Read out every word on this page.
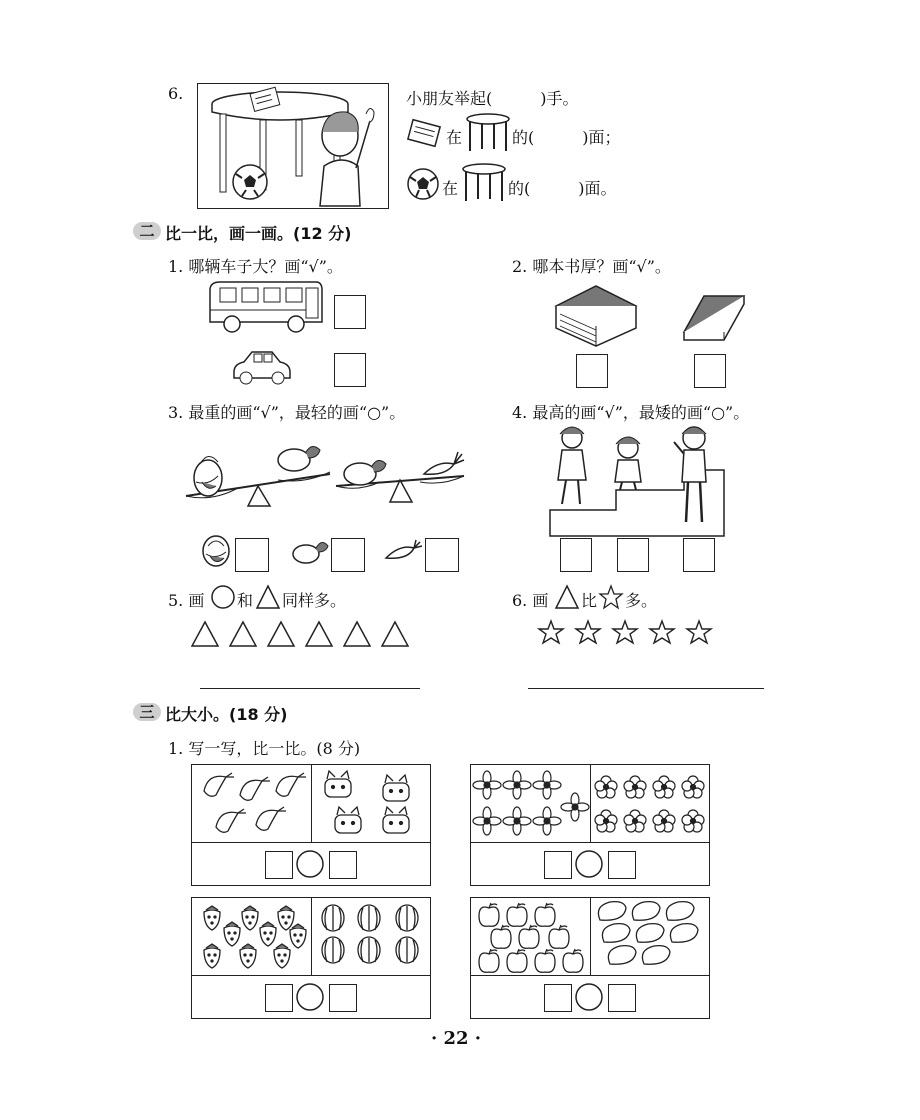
6.	小朋友举起(　　　)手。
在	的(　　　)面；
在	的(　　　)面。
二 比一比，画一画。(12 分)
1. 哪辆车子大？画“√”。	2. 哪本书厚？画“√”。
3. 最重的画“√”，最轻的画“○”。	4. 最高的画“√”，最矮的画“○”。
5. 画 和 同样多。	6. 画 比 多。
三 比大小。(18 分)
1. 写一写，比一比。(8 分)
· 22 ·
